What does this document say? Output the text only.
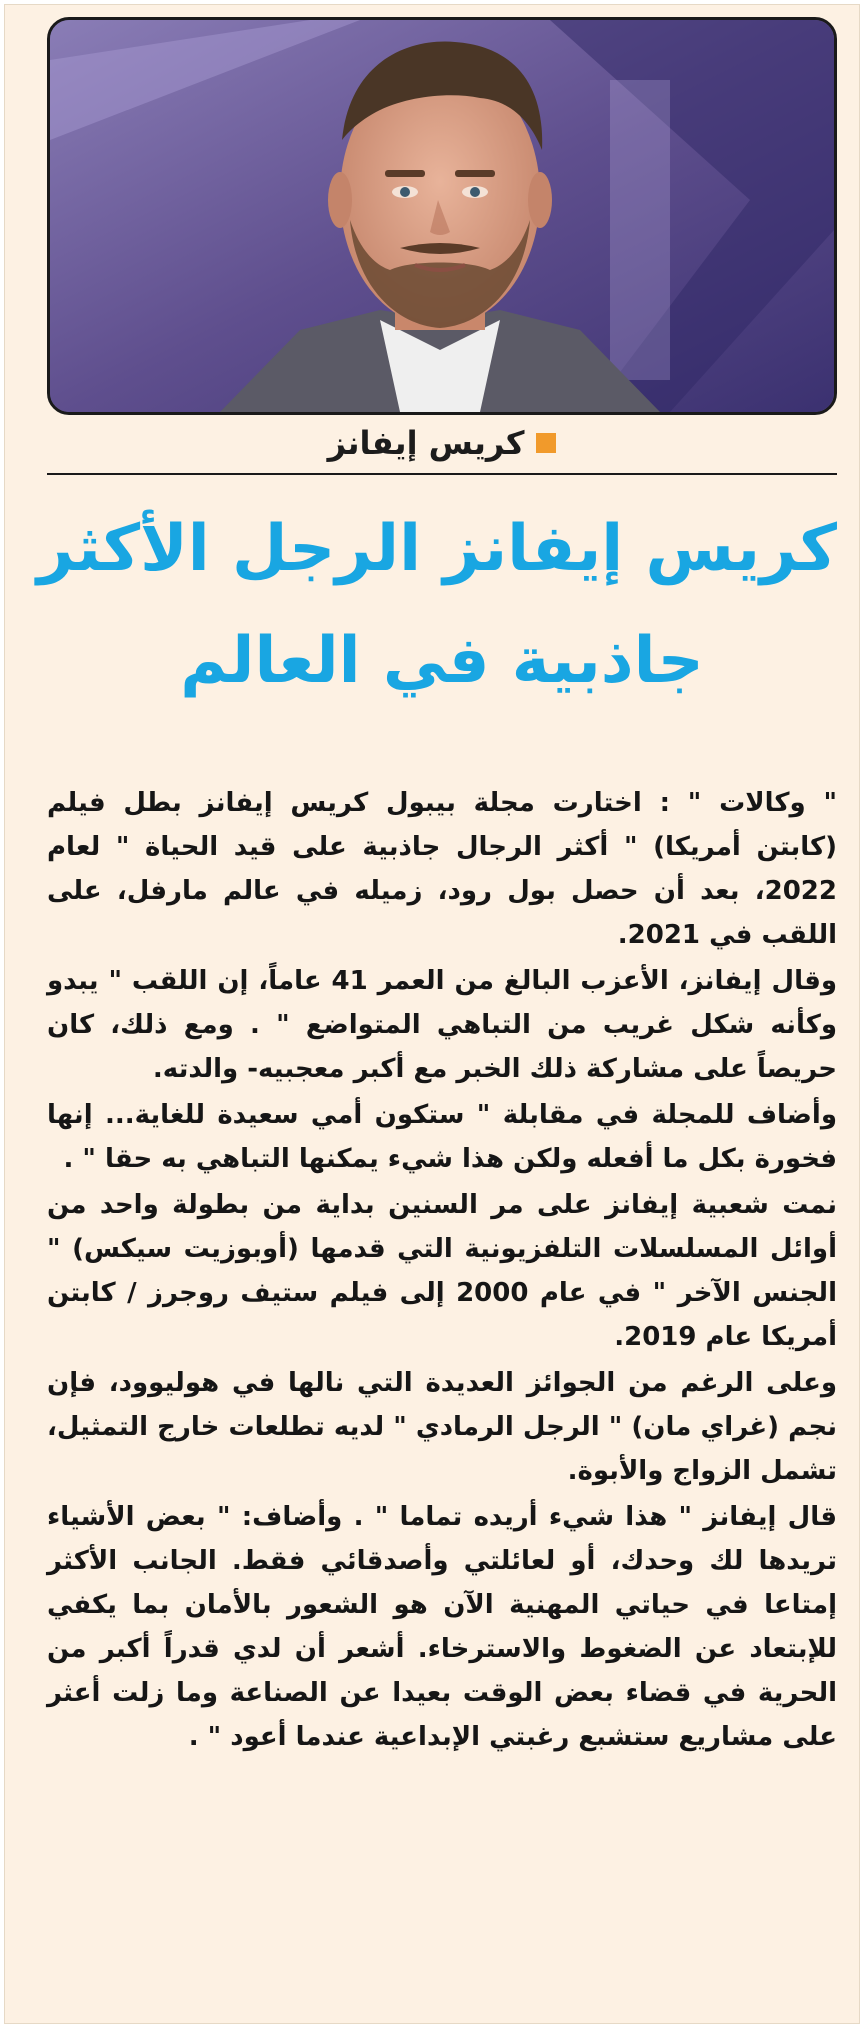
كريس إيفانز
كريس إيفانز الرجل الأكثر
جاذبية في العالم

" وكالات " : اختارت مجلة بيبول كريس إيفانز بطل فيلم (كابتن أمريكا) " أكثر الرجال جاذبية على قيد الحياة " لعام 2022، بعد أن حصل بول رود، زميله في عالم مارفل، على اللقب في 2021.

وقال إيفانز، الأعزب البالغ من العمر 41 عاماً، إن اللقب " يبدو وكأنه شكل غريب من التباهي المتواضع " . ومع ذلك، كان حريصاً على مشاركة ذلك الخبر مع أكبر معجبيه- والدته.

وأضاف للمجلة في مقابلة " ستكون أمي سعيدة للغاية... إنها فخورة بكل ما أفعله ولكن هذا شيء يمكنها التباهي به حقا " .

نمت شعبية إيفانز على مر السنين بداية من بطولة واحد من أوائل المسلسلات التلفزيونية التي قدمها (أوبوزيت سيكس) " الجنس الآخر " في عام 2000 إلى فيلم ستيف روجرز / كابتن أمريكا عام 2019.

وعلى الرغم من الجوائز العديدة التي نالها في هوليوود، فإن نجم (غراي مان) " الرجل الرمادي " لديه تطلعات خارج التمثيل، تشمل الزواج والأبوة.

قال إيفانز " هذا شيء أريده تماما " . وأضاف: " بعض الأشياء تريدها لك وحدك، أو لعائلتي وأصدقائي فقط. الجانب الأكثر إمتاعا في حياتي المهنية الآن هو الشعور بالأمان بما يكفي للإبتعاد عن الضغوط والاسترخاء. أشعر أن لدي قدراً أكبر من الحرية في قضاء بعض الوقت بعيدا عن الصناعة وما زلت أعثر على مشاريع ستشبع رغبتي الإبداعية عندما أعود " .
